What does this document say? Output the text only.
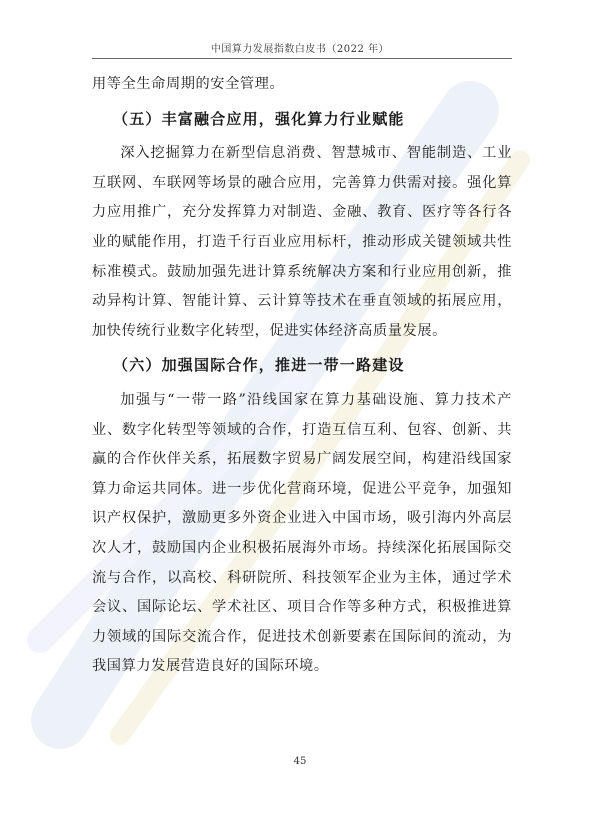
中国算力发展指数白皮书（2022 年）

用等全生命周期的安全管理。

（五）丰富融合应用，强化算力行业赋能

深入挖掘算力在新型信息消费、智慧城市、智能制造、工业互联网、车联网等场景的融合应用，完善算力供需对接。强化算力应用推广，充分发挥算力对制造、金融、教育、医疗等各行各业的赋能作用，打造千行百业应用标杆，推动形成关键领域共性标准模式。鼓励加强先进计算系统解决方案和行业应用创新，推动异构计算、智能计算、云计算等技术在垂直领域的拓展应用，加快传统行业数字化转型，促进实体经济高质量发展。

（六）加强国际合作，推进一带一路建设

加强与“一带一路”沿线国家在算力基础设施、算力技术产业、数字化转型等领域的合作，打造互信互利、包容、创新、共赢的合作伙伴关系，拓展数字贸易广阔发展空间，构建沿线国家算力命运共同体。进一步优化营商环境，促进公平竞争，加强知识产权保护，激励更多外资企业进入中国市场，吸引海内外高层次人才，鼓励国内企业积极拓展海外市场。持续深化拓展国际交流与合作，以高校、科研院所、科技领军企业为主体，通过学术会议、国际论坛、学术社区、项目合作等多种方式，积极推进算力领域的国际交流合作，促进技术创新要素在国际间的流动，为我国算力发展营造良好的国际环境。

45
